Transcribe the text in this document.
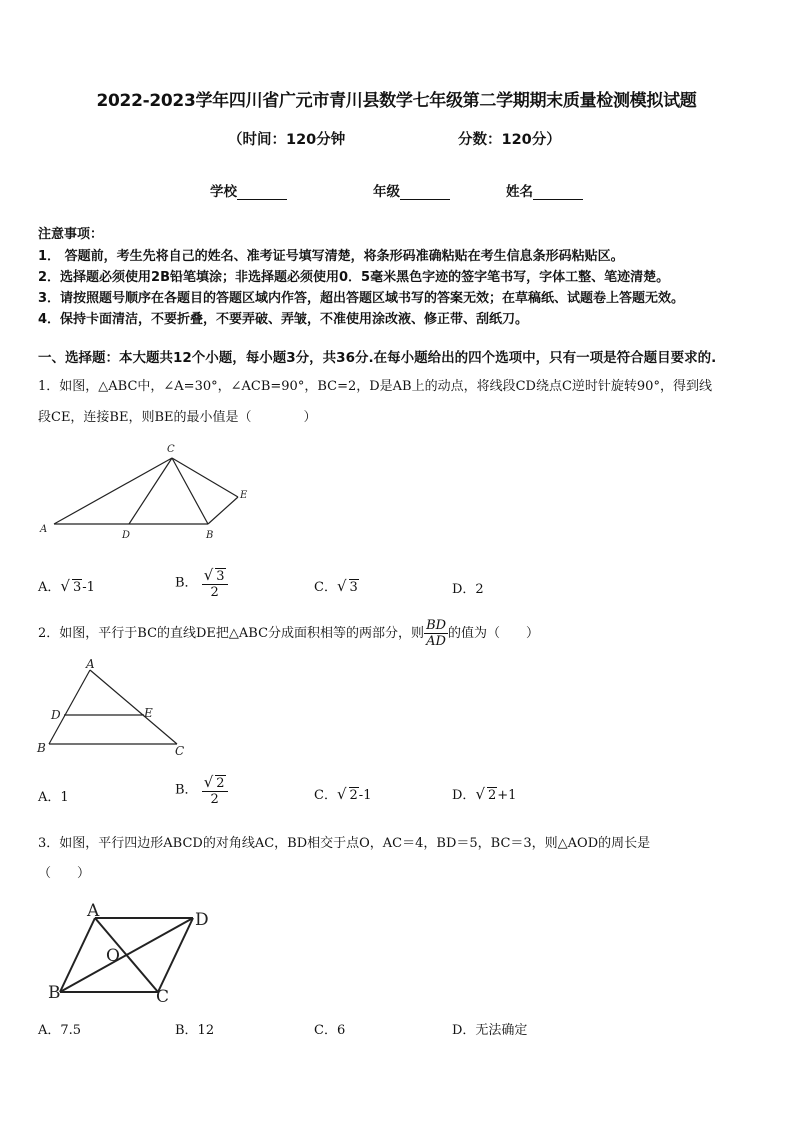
2022-2023学年四川省广元市青川县数学七年级第二学期期末质量检测模拟试题
（时间：120分钟	分数：120分）
学校	年级	姓名
注意事项：
1． 答题前，考生先将自己的姓名、准考证号填写清楚，将条形码准确粘贴在考生信息条形码粘贴区。
2．选择题必须使用2B铅笔填涂；非选择题必须使用0．5毫米黑色字迹的签字笔书写，字体工整、笔迹清楚。
3．请按照题号顺序在各题目的答题区域内作答，超出答题区域书写的答案无效；在草稿纸、试题卷上答题无效。
4．保持卡面清洁，不要折叠，不要弄破、弄皱，不准使用涂改液、修正带、刮纸刀。
一、选择题：本大题共12个小题，每小题3分，共36分.在每小题给出的四个选项中，只有一项是符合题目要求的.
1．如图，△ABC中，∠A=30°，∠ACB=90°，BC=2，D是AB上的动点，将线段CD绕点C逆时针旋转90°，得到线
段CE，连接BE，则BE的最小值是（　　　　）
A
D	B
C
E
A．√ 3-1	B． $\frac{√ 3}{2}$	C．√ 3	D．2
2．如图，平行于BC的直线DE把△ABC分成面积相等的两部分，则 $\frac{BD}{AD}$ 的值为（　　）
A
D	E
B	C
A．1	B． $\frac{√ 2}{2}$	C．√ 2-1	D．√ 2+1
3．如图，平行四边形ABCD的对角线AC，BD相交于点O，AC＝4，BD＝5，BC＝3，则△AOD的周长是
（　　）
A	D
O
B	C
A．7.5	B．12	C．6	D．无法确定
